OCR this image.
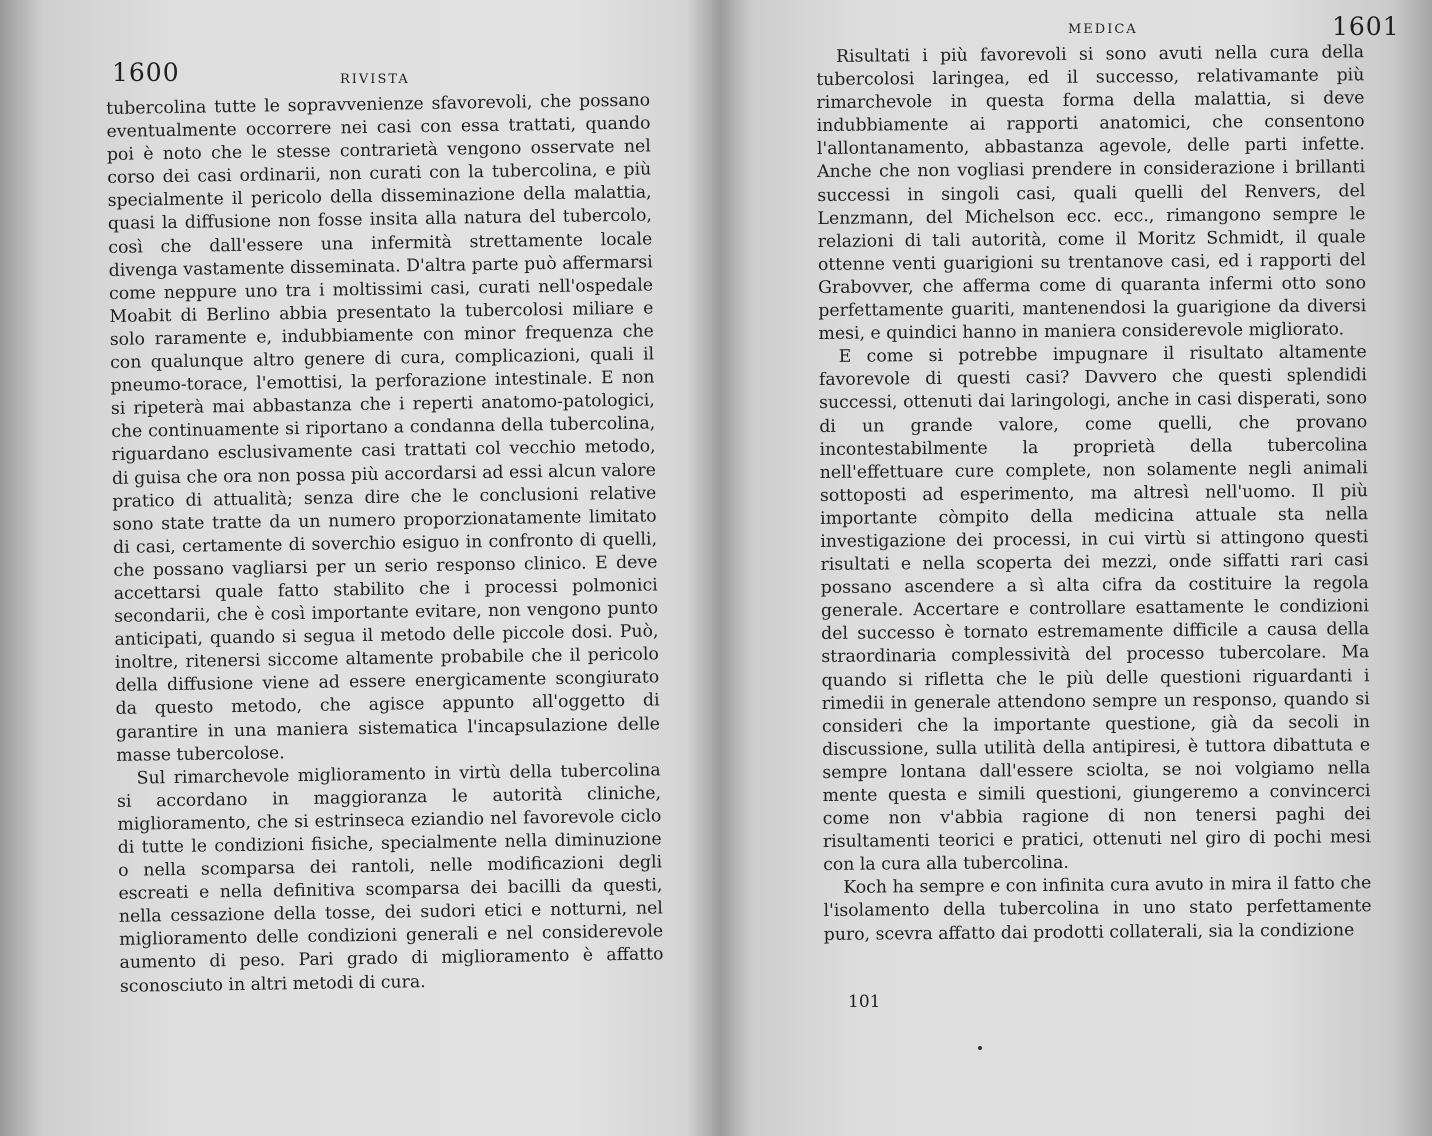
1600	RIVISTA

tubercolina tutte le sopravvenienze sfavorevoli, che possano eventualmente occorrere nei casi con essa trattati, quando poi è noto che le stesse contrarietà vengono osservate nel corso dei casi ordinarii, non curati con la tubercolina, e più specialmente il pericolo della disseminazione della malattia, quasi la diffusione non fosse insita alla natura del tubercolo, così che dall'essere una infermità strettamente locale divenga vastamente disseminata. D'altra parte può affermarsi come neppure uno tra i moltissimi casi, curati nell'ospedale Moabit di Berlino abbia presentato la tubercolosi miliare e solo raramente e, indubbiamente con minor frequenza che con qualunque altro genere di cura, complicazioni, quali il pneumo-torace, l'emottisi, la perforazione intestinale. E non si ripeterà mai abbastanza che i reperti anatomo-patologici, che continuamente si riportano a condanna della tubercolina, riguardano esclusivamente casi trattati col vecchio metodo, di guisa che ora non possa più accordarsi ad essi alcun valore pratico di attualità; senza dire che le conclusioni relative sono state tratte da un numero proporzionatamente limitato di casi, certamente di soverchio esiguo in confronto di quelli, che possano vagliarsi per un serio responso clinico. E deve accettarsi quale fatto stabilito che i processi polmonici secondarii, che è così importante evitare, non vengono punto anticipati, quando si segua il metodo delle piccole dosi. Può, inoltre, ritenersi siccome altamente probabile che il pericolo della diffusione viene ad essere energicamente scongiurato da questo metodo, che agisce appunto all'oggetto di garantire in una maniera sistematica l'incapsulazione delle masse tubercolose.

Sul rimarchevole miglioramento in virtù della tubercolina si accordano in maggioranza le autorità cliniche, miglioramento, che si estrinseca eziandio nel favorevole ciclo di tutte le condizioni fisiche, specialmente nella diminuzione o nella scomparsa dei rantoli, nelle modificazioni degli escreati e nella definitiva scomparsa dei bacilli da questi, nella cessazione della tosse, dei sudori etici e notturni, nel miglioramento delle condizioni generali e nel considerevole aumento di peso. Pari grado di miglioramento è affatto sconosciuto in altri metodi di cura.

MEDICA	1601

Risultati i più favorevoli si sono avuti nella cura della tubercolosi laringea, ed il successo, relativamante più rimarchevole in questa forma della malattia, si deve indubbiamente ai rapporti anatomici, che consentono l'allontanamento, abbastanza agevole, delle parti infette. Anche che non vogliasi prendere in considerazione i brillanti successi in singoli casi, quali quelli del Renvers, del Lenzmann, del Michelson ecc. ecc., rimangono sempre le relazioni di tali autorità, come il Moritz Schmidt, il quale ottenne venti guarigioni su trentanove casi, ed i rapporti del Grabovver, che afferma come di quaranta infermi otto sono perfettamente guariti, mantenendosi la guarigione da diversi mesi, e quindici hanno in maniera considerevole migliorato.

E come si potrebbe impugnare il risultato altamente favorevole di questi casi? Davvero che questi splendidi successi, ottenuti dai laringologi, anche in casi disperati, sono di un grande valore, come quelli, che provano incontestabilmente la proprietà della tubercolina nell'effettuare cure complete, non solamente negli animali sottoposti ad esperimento, ma altresì nell'uomo. Il più importante còmpito della medicina attuale sta nella investigazione dei processi, in cui virtù si attingono questi risultati e nella scoperta dei mezzi, onde siffatti rari casi possano ascendere a sì alta cifra da costituire la regola generale. Accertare e controllare esattamente le condizioni del successo è tornato estremamente difficile a causa della straordinaria complessività del processo tubercolare. Ma quando si rifletta che le più delle questioni riguardanti i rimedii in generale attendono sempre un responso, quando si consideri che la importante questione, già da secoli in discussione, sulla utilità della antipiresi, è tuttora dibattuta e sempre lontana dall'essere sciolta, se noi volgiamo nella mente questa e simili questioni, giungeremo a convincerci come non v'abbia ragione di non tenersi paghi dei risultamenti teorici e pratici, ottenuti nel giro di pochi mesi con la cura alla tubercolina.

Koch ha sempre e con infinita cura avuto in mira il fatto che l'isolamento della tubercolina in uno stato perfettamente puro, scevra affatto dai prodotti collaterali, sia la condizione

101
